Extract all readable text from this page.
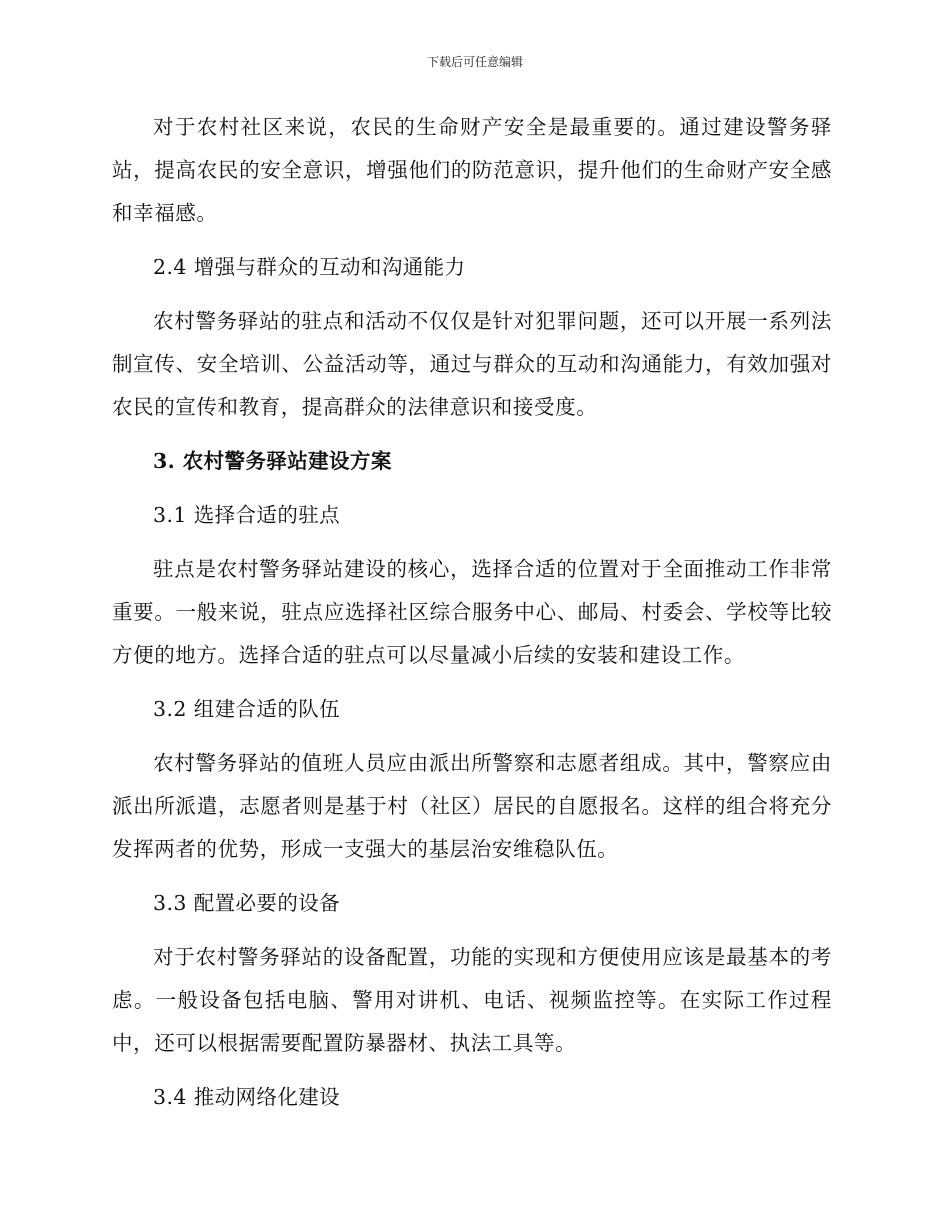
下载后可任意编辑

对于农村社区来说，农民的生命财产安全是最重要的。通过建设警务驿站，提高农民的安全意识，增强他们的防范意识，提升他们的生命财产安全感和幸福感。

2.4 增强与群众的互动和沟通能力

农村警务驿站的驻点和活动不仅仅是针对犯罪问题，还可以开展一系列法制宣传、安全培训、公益活动等，通过与群众的互动和沟通能力，有效加强对农民的宣传和教育，提高群众的法律意识和接受度。

3. 农村警务驿站建设方案

3.1 选择合适的驻点

驻点是农村警务驿站建设的核心，选择合适的位置对于全面推动工作非常重要。一般来说，驻点应选择社区综合服务中心、邮局、村委会、学校等比较方便的地方。选择合适的驻点可以尽量减小后续的安装和建设工作。

3.2 组建合适的队伍

农村警务驿站的值班人员应由派出所警察和志愿者组成。其中，警察应由派出所派遣，志愿者则是基于村（社区）居民的自愿报名。这样的组合将充分发挥两者的优势，形成一支强大的基层治安维稳队伍。

3.3 配置必要的设备

对于农村警务驿站的设备配置，功能的实现和方便使用应该是最基本的考虑。一般设备包括电脑、警用对讲机、电话、视频监控等。在实际工作过程中，还可以根据需要配置防暴器材、执法工具等。

3.4 推动网络化建设
